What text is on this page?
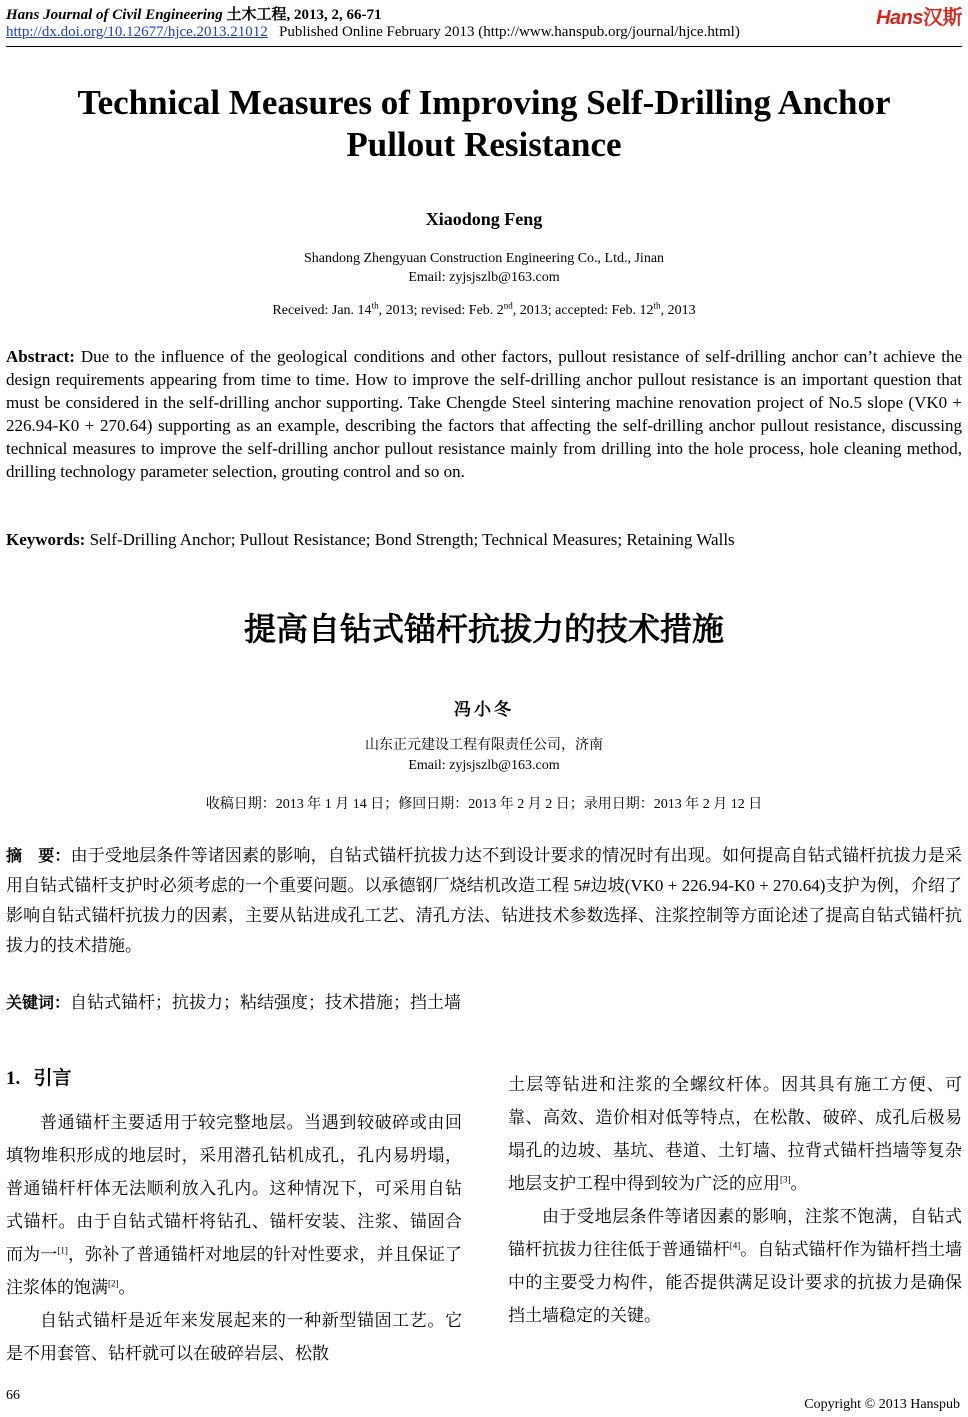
Hans Journal of Civil Engineering 土木工程, 2013, 2, 66-71	Hans汉斯
http://dx.doi.org/10.12677/hjce.2013.21012 Published Online February 2013 (http://www.hanspub.org/journal/hjce.html)
Technical Measures of Improving Self-Drilling Anchor
Pullout Resistance
Xiaodong Feng
Shandong Zhengyuan Construction Engineering Co., Ltd., Jinan
Email: zyjsjszlb@163.com
Received: Jan. 14th, 2013; revised: Feb. 2nd, 2013; accepted: Feb. 12th, 2013
Abstract: Due to the influence of the geological conditions and other factors, pullout resistance of self-drilling anchor can’t achieve the design requirements appearing from time to time. How to improve the self-drilling anchor pullout resistance is an important question that must be considered in the self-drilling anchor supporting. Take Chengde Steel sintering machine renovation project of No.5 slope (VK0 + 226.94-K0 + 270.64) supporting as an example, describing the factors that affecting the self-drilling anchor pullout resistance, discussing technical measures to improve the self-drilling anchor pullout resistance mainly from drilling into the hole process, hole cleaning method, drilling technology parameter selection, grouting control and so on.
Keywords: Self-Drilling Anchor; Pullout Resistance; Bond Strength; Technical Measures; Retaining Walls
提高自钻式锚杆抗拔力的技术措施
冯小冬
山东正元建设工程有限责任公司，济南
Email: zyjsjszlb@163.com
收稿日期：2013 年 1 月 14 日；修回日期：2013 年 2 月 2 日；录用日期：2013 年 2 月 12 日
摘　要：由于受地层条件等诸因素的影响，自钻式锚杆抗拔力达不到设计要求的情况时有出现。如何提高自钻式锚杆抗拔力是采用自钻式锚杆支护时必须考虑的一个重要问题。以承德钢厂烧结机改造工程 5#边坡(VK0 + 226.94-K0 + 270.64)支护为例，介绍了影响自钻式锚杆抗拔力的因素，主要从钻进成孔工艺、清孔方法、钻进技术参数选择、注浆控制等方面论述了提高自钻式锚杆抗拔力的技术措施。
关键词：自钻式锚杆；抗拔力；粘结强度；技术措施；挡土墙
1. 引言

普通锚杆主要适用于较完整地层。当遇到较破碎或由回填物堆积形成的地层时，采用潜孔钻机成孔，孔内易坍塌，普通锚杆杆体无法顺利放入孔内。这种情况下，可采用自钻式锚杆。由于自钻式锚杆将钻孔、锚杆安装、注浆、锚固合而为一[1]，弥补了普通锚杆对地层的针对性要求，并且保证了注浆体的饱满[2]。

自钻式锚杆是近年来发展起来的一种新型锚固工艺。它是不用套管、钻杆就可以在破碎岩层、松散

土层等钻进和注浆的全螺纹杆体。因其具有施工方便、可靠、高效、造价相对低等特点，在松散、破碎、成孔后极易塌孔的边坡、基坑、巷道、土钉墙、拉背式锚杆挡墙等复杂地层支护工程中得到较为广泛的应用[3]。

由于受地层条件等诸因素的影响，注浆不饱满，自钻式锚杆抗拔力往往低于普通锚杆[4]。自钻式锚杆作为锚杆挡土墙中的主要受力构件，能否提供满足设计要求的抗拔力是确保挡土墙稳定的关键。

66
Copyright © 2013 Hanspub
